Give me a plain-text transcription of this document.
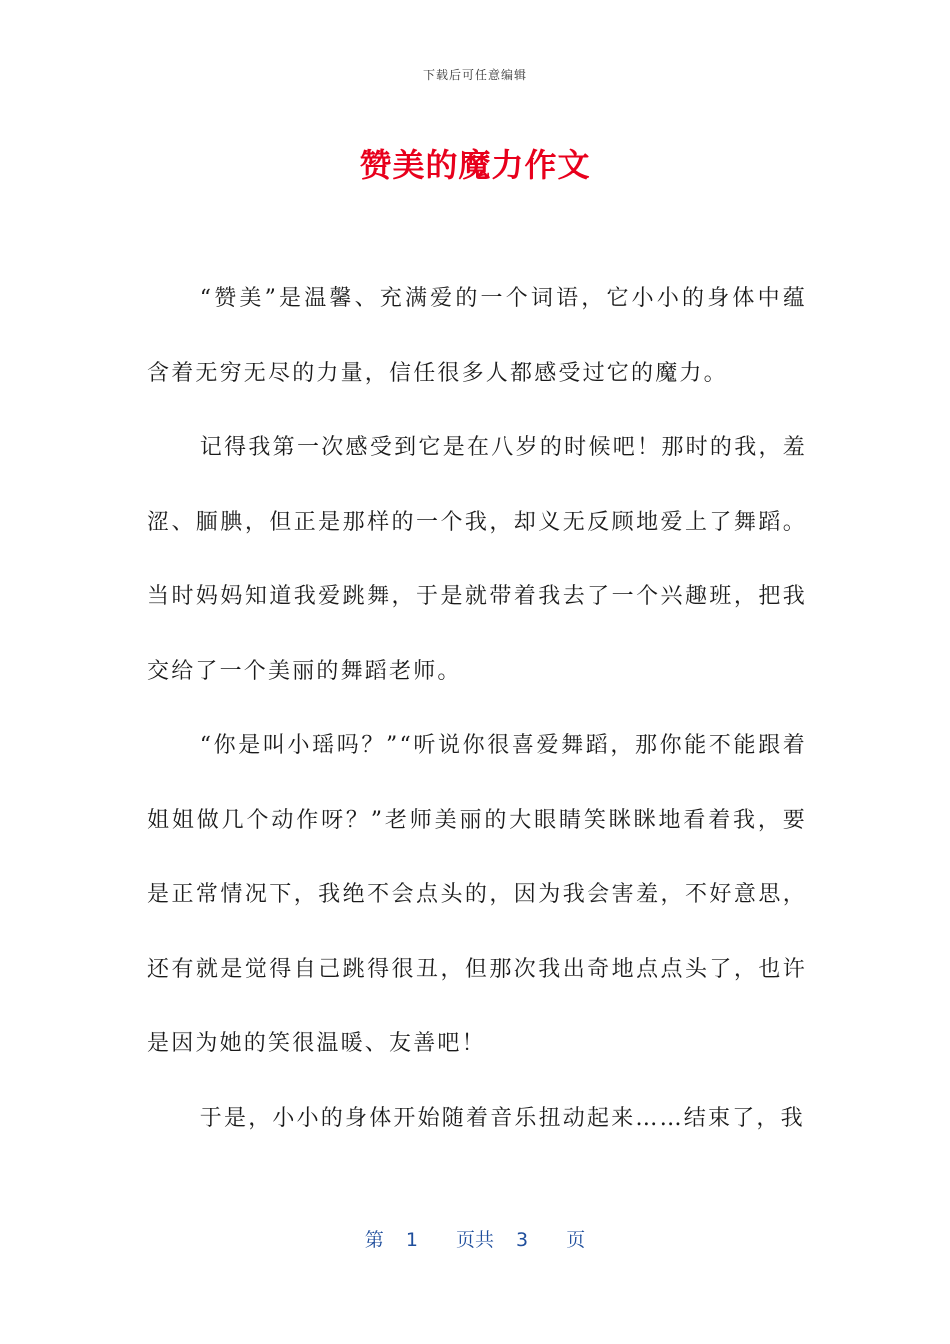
下载后可任意编辑
赞美的魔力作文

“赞美”是温馨、充满爱的一个词语，它小小的身体中蕴含着无穷无尽的力量，信任很多人都感受过它的魔力。

记得我第一次感受到它是在八岁的时候吧！那时的我，羞涩、腼腆，但正是那样的一个我，却义无反顾地爱上了舞蹈。当时妈妈知道我爱跳舞，于是就带着我去了一个兴趣班，把我交给了一个美丽的舞蹈老师。

“你是叫小瑶吗？”“听说你很喜爱舞蹈，那你能不能跟着姐姐做几个动作呀？”老师美丽的大眼睛笑眯眯地看着我，要是正常情况下，我绝不会点头的，因为我会害羞，不好意思，还有就是觉得自己跳得很丑，但那次我出奇地点点头了，也许是因为她的笑很温暖、友善吧！

于是，小小的身体开始随着音乐扭动起来……结束了，我

第 1 页共 3 页
